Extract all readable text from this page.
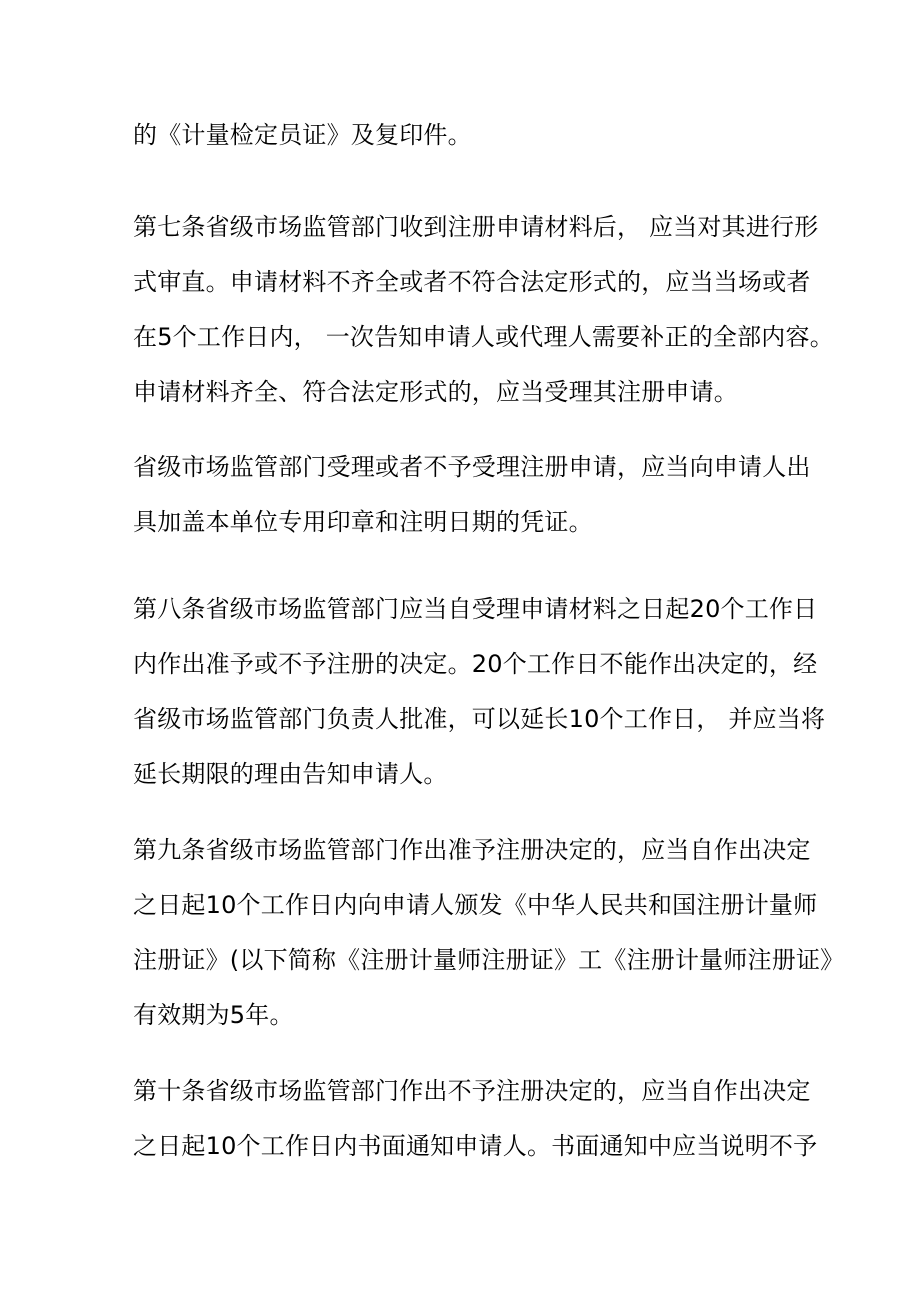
的《计量检定员证》及复印件。
第七条省级市场监管部门收到注册申请材料后， 应当对其进行形
式审直。申请材料不齐全或者不符合法定形式的，应当当场或者
在5个工作日内， 一次告知申请人或代理人需要补正的全部内容。
申请材料齐全、符合法定形式的，应当受理其注册申请。
省级市场监管部门受理或者不予受理注册申请，应当向申请人出
具加盖本单位专用印章和注明日期的凭证。
第八条省级市场监管部门应当自受理申请材料之日起20个工作日
内作出准予或不予注册的决定。20个工作日不能作出决定的，经
省级市场监管部门负责人批准，可以延长10个工作日， 并应当将
延长期限的理由告知申请人。
第九条省级市场监管部门作出准予注册决定的，应当自作出决定
之日起10个工作日内向申请人颁发《中华人民共和国注册计量师
注册证》(以下简称《注册计量师注册证》工《注册计量师注册证》
有效期为5年。
第十条省级市场监管部门作出不予注册决定的，应当自作出决定
之日起10个工作日内书面通知申请人。书面通知中应当说明不予
